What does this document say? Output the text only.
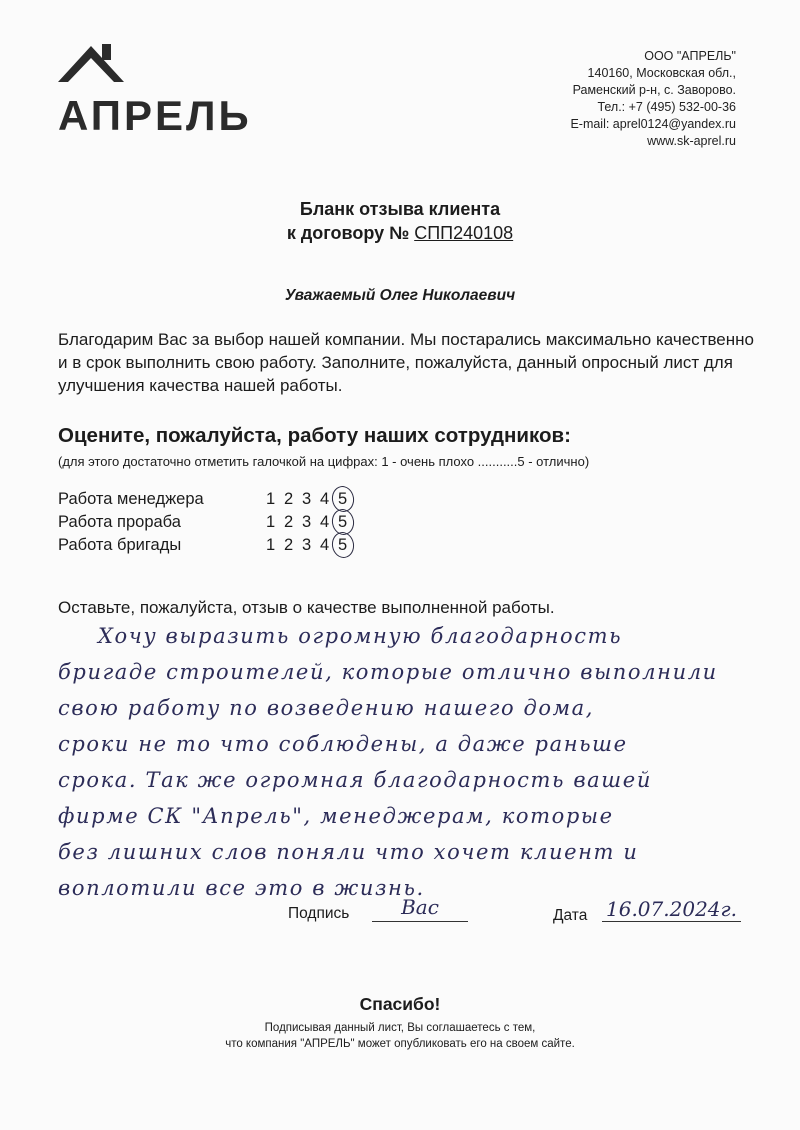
АПРЕЛЬ
ООО "АПРЕЛЬ"
140160, Московская обл.,
Раменский р-н, с. Заворово.
Тел.: +7 (495) 532-00-36
E-mail: aprel0124@yandex.ru
www.sk-aprel.ru
Бланк отзыва клиента
к договору № СПП240108
Уважаемый Олег Николаевич
Благодарим Вас за выбор нашей компании. Мы постарались максимально качественно и в срок выполнить свою работу. Заполните, пожалуйста, данный опросный лист для улучшения качества нашей работы.
Оцените, пожалуйста, работу наших сотрудников:
(для этого достаточно отметить галочкой на цифрах: 1 - очень плохо ...........5 - отлично)
Работа менеджера	1 2 3 4 5
Работа прораба	1 2 3 4 5
Работа бригады	1 2 3 4 5
Оставьте, пожалуйста, отзыв о качестве выполненной работы.
Хочу выразить огромную благодарность
бригаде строителей, которые отлично выполнили
свою работу по возведению нашего дома,
сроки не то что соблюдены, а даже раньше
срока. Так же огромная благодарность вашей
фирме СК "Апрель", менеджерам, которые
без лишних слов поняли что хочет клиент и
воплотили все это в жизнь.
Подпись	Вас	Дата 16.07.2024г.
Спасибо!
Подписывая данный лист, Вы соглашаетесь с тем,
что компания "АПРЕЛЬ" может опубликовать его на своем сайте.
